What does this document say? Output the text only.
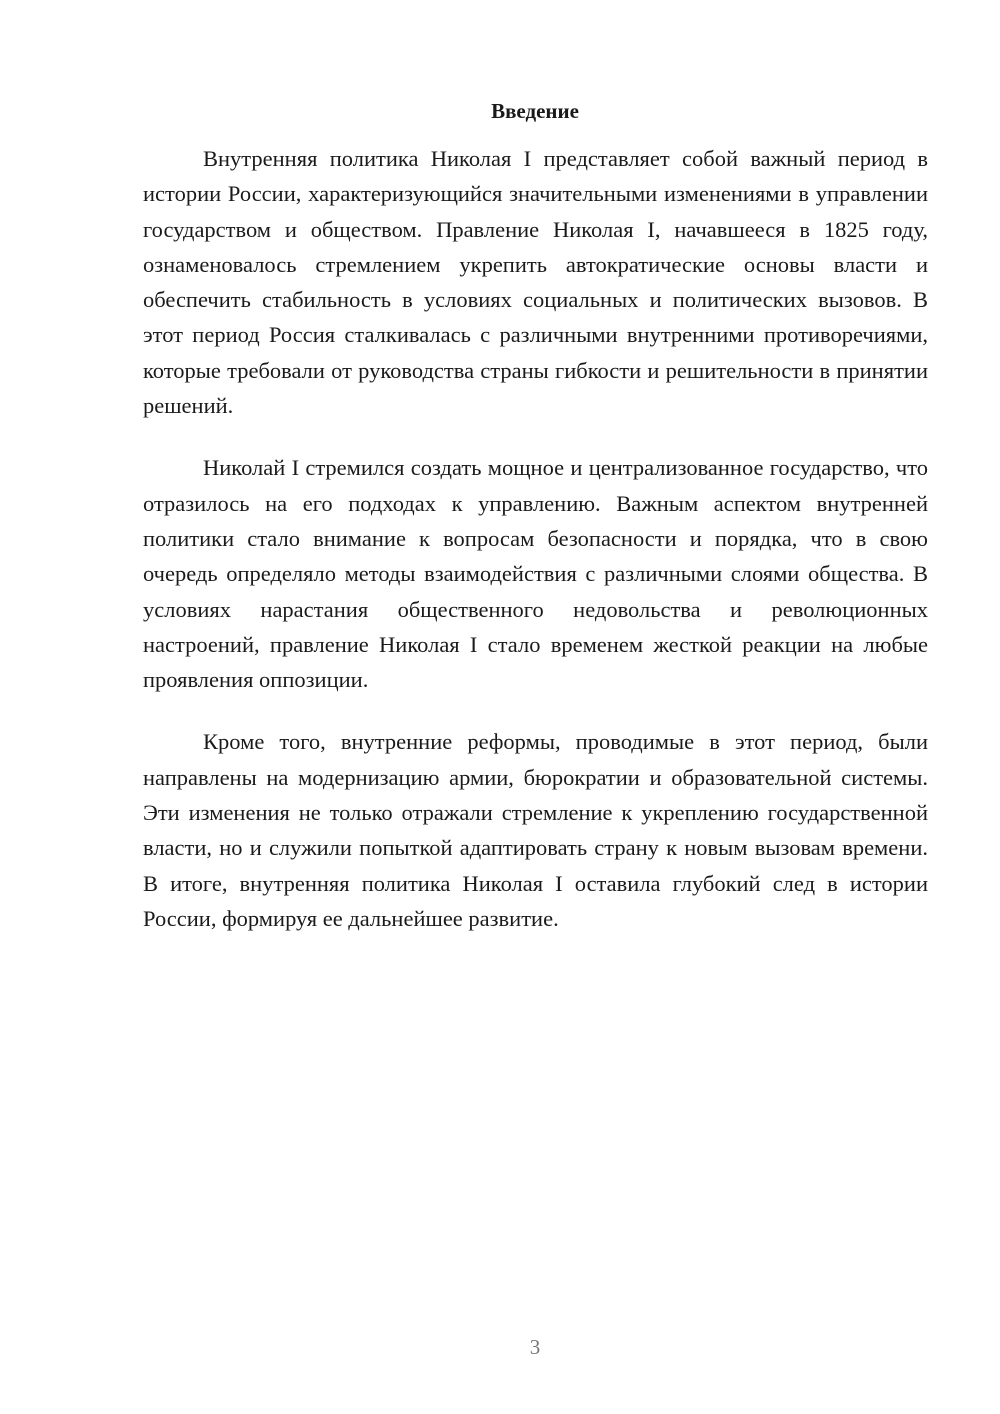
Введение

Внутренняя политика Николая I представляет собой важный период в истории России, характеризующийся значительными изменениями в управлении государством и обществом. Правление Николая I, начавшееся в 1825 году, ознаменовалось стремлением укрепить автократические основы власти и обеспечить стабильность в условиях социальных и политических вызовов. В этот период Россия сталкивалась с различными внутренними противоречиями, которые требовали от руководства страны гибкости и решительности в принятии решений.

Николай I стремился создать мощное и централизованное государство, что отразилось на его подходах к управлению. Важным аспектом внутренней политики стало внимание к вопросам безопасности и порядка, что в свою очередь определяло методы взаимодействия с различными слоями общества. В условиях нарастания общественного недовольства и революционных настроений, правление Николая I стало временем жесткой реакции на любые проявления оппозиции.

Кроме того, внутренние реформы, проводимые в этот период, были направлены на модернизацию армии, бюрократии и образовательной системы. Эти изменения не только отражали стремление к укреплению государственной власти, но и служили попыткой адаптировать страну к новым вызовам времени. В итоге, внутренняя политика Николая I оставила глубокий след в истории России, формируя ее дальнейшее развитие.

3
